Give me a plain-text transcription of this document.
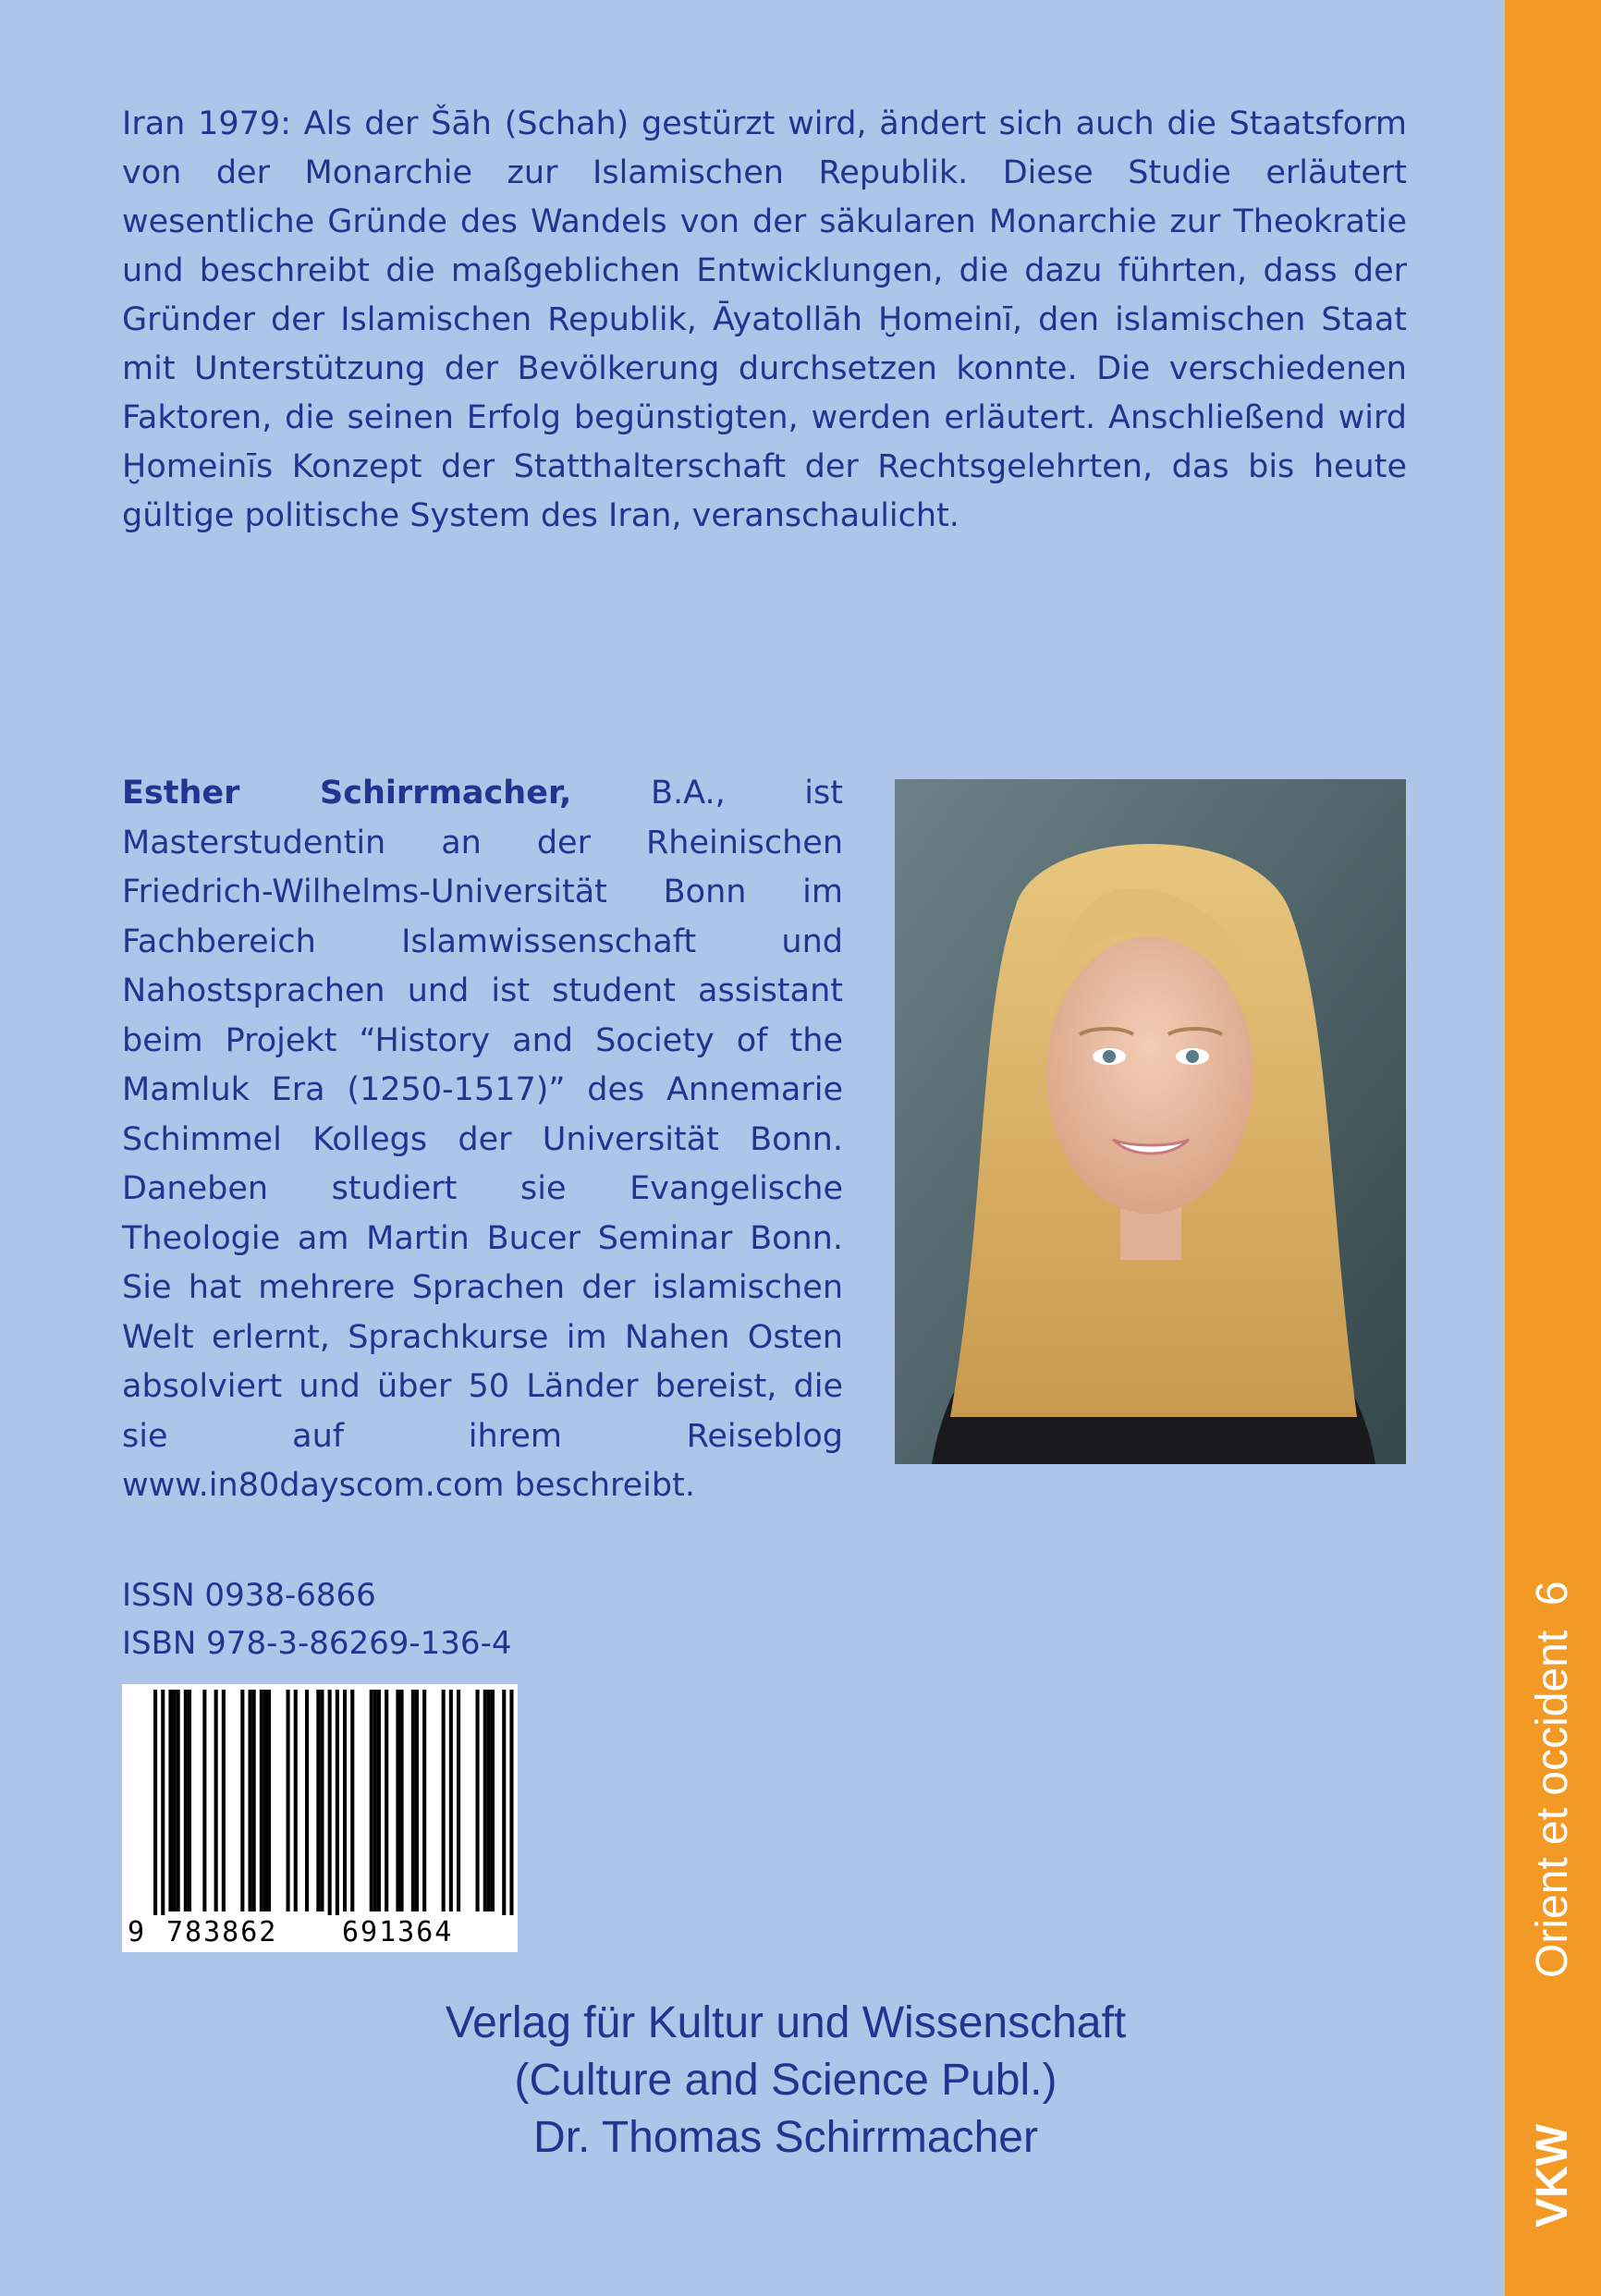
Iran 1979: Als der Šāh (Schah) gestürzt wird, ändert sich auch die Staatsform von der Monarchie zur Islamischen Republik. Diese Studie erläutert wesentliche Gründe des Wandels von der säkularen Monarchie zur Theokratie und beschreibt die maßgeblichen Entwicklungen, die dazu führten, dass der Gründer der Islamischen Republik, Āyatollāh Ḫomeinī, den islamischen Staat mit Unterstützung der Bevölkerung durchsetzen konnte. Die verschiedenen Faktoren, die seinen Erfolg begünstigten, werden erläutert. Anschließend wird Ḫomeinīs Konzept der Statthalterschaft der Rechtsgelehrten, das bis heute gültige politische System des Iran, veranschaulicht.
Esther Schirrmacher, B.A., ist Masterstudentin an der Rheinischen Friedrich-Wilhelms-Universität Bonn im Fachbereich Islamwissenschaft und Nahostsprachen und ist student assistant beim Projekt “History and Society of the Mamluk Era (1250-1517)” des Annemarie Schimmel Kollegs der Universität Bonn. Daneben studiert sie Evangelische Theologie am Martin Bucer Seminar Bonn. Sie hat mehrere Sprachen der islamischen Welt erlernt, Sprachkurse im Nahen Osten absolviert und über 50 Länder bereist, die sie auf ihrem Reiseblog www.in80dayscom.com beschreibt.
ISSN 0938-6866
ISBN 978-3-86269-136-4
9 783862 691364
Verlag für Kultur und Wissenschaft
(Culture and Science Publ.)
Dr. Thomas Schirrmacher	VKW
Orient et occident  6
